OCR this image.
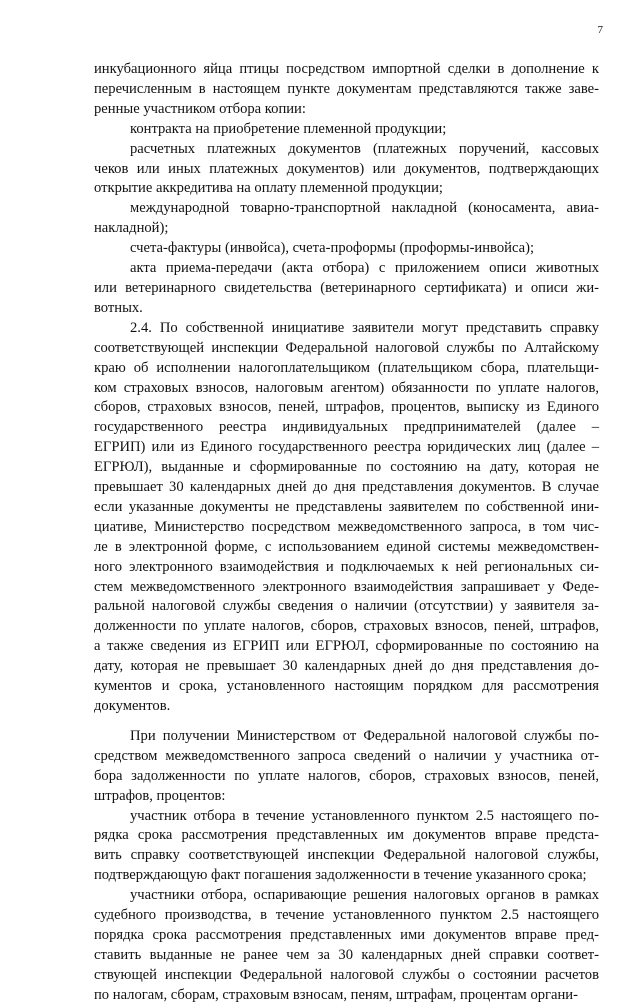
7

инкубационного яйца птицы посредством импортной сделки в дополнение к

перечисленным в настоящем пункте документам представляются также заве-

ренные участником отбора копии:

контракта на приобретение племенной продукции;

расчетных платежных документов (платежных поручений, кассовых

чеков или иных платежных документов) или документов, подтверждающих

открытие аккредитива на оплату племенной продукции;

международной товарно-транспортной накладной (коносамента, авиа-

накладной);

счета-фактуры (инвойса), счета-проформы (проформы-инвойса);

акта приема-передачи (акта отбора) с приложением описи животных

или ветеринарного свидетельства (ветеринарного сертификата) и описи жи-

вотных.

2.4. По собственной инициативе заявители могут представить справку

соответствующей инспекции Федеральной налоговой службы по Алтайскому

краю об исполнении налогоплательщиком (плательщиком сбора, плательщи-

ком страховых взносов, налоговым агентом) обязанности по уплате налогов,

сборов, страховых взносов, пеней, штрафов, процентов, выписку из Единого

государственного реестра индивидуальных предпринимателей (далее –

ЕГРИП) или из Единого государственного реестра юридических лиц (далее –

ЕГРЮЛ), выданные и сформированные по состоянию на дату, которая не

превышает 30 календарных дней до дня представления документов. В случае

если указанные документы не представлены заявителем по собственной ини-

циативе, Министерство посредством межведомственного запроса, в том чис-

ле в электронной форме, с использованием единой системы межведомствен-

ного электронного взаимодействия и подключаемых к ней региональных си-

стем межведомственного электронного взаимодействия запрашивает у Феде-

ральной налоговой службы сведения о наличии (отсутствии) у заявителя за-

долженности по уплате налогов, сборов, страховых взносов, пеней, штрафов,

а также сведения из ЕГРИП или ЕГРЮЛ, сформированные по состоянию на

дату, которая не превышает 30 календарных дней до дня представления до-

кументов и срока, установленного настоящим порядком для рассмотрения

документов.

При получении Министерством от Федеральной налоговой службы по-

средством межведомственного запроса сведений о наличии у участника от-

бора задолженности по уплате налогов, сборов, страховых взносов, пеней,

штрафов, процентов:

участник отбора в течение установленного пунктом 2.5 настоящего по-

рядка срока рассмотрения представленных им документов вправе предста-

вить справку соответствующей инспекции Федеральной налоговой службы,

подтверждающую факт погашения задолженности в течение указанного срока;

участники отбора, оспаривающие решения налоговых органов в рамках

судебного производства, в течение установленного пунктом 2.5 настоящего

порядка срока рассмотрения представленных ими документов вправе пред-

ставить выданные не ранее чем за 30 календарных дней справки соответ-

ствующей инспекции Федеральной налоговой службы о состоянии расчетов

по налогам, сборам, страховым взносам, пеням, штрафам, процентам органи-
